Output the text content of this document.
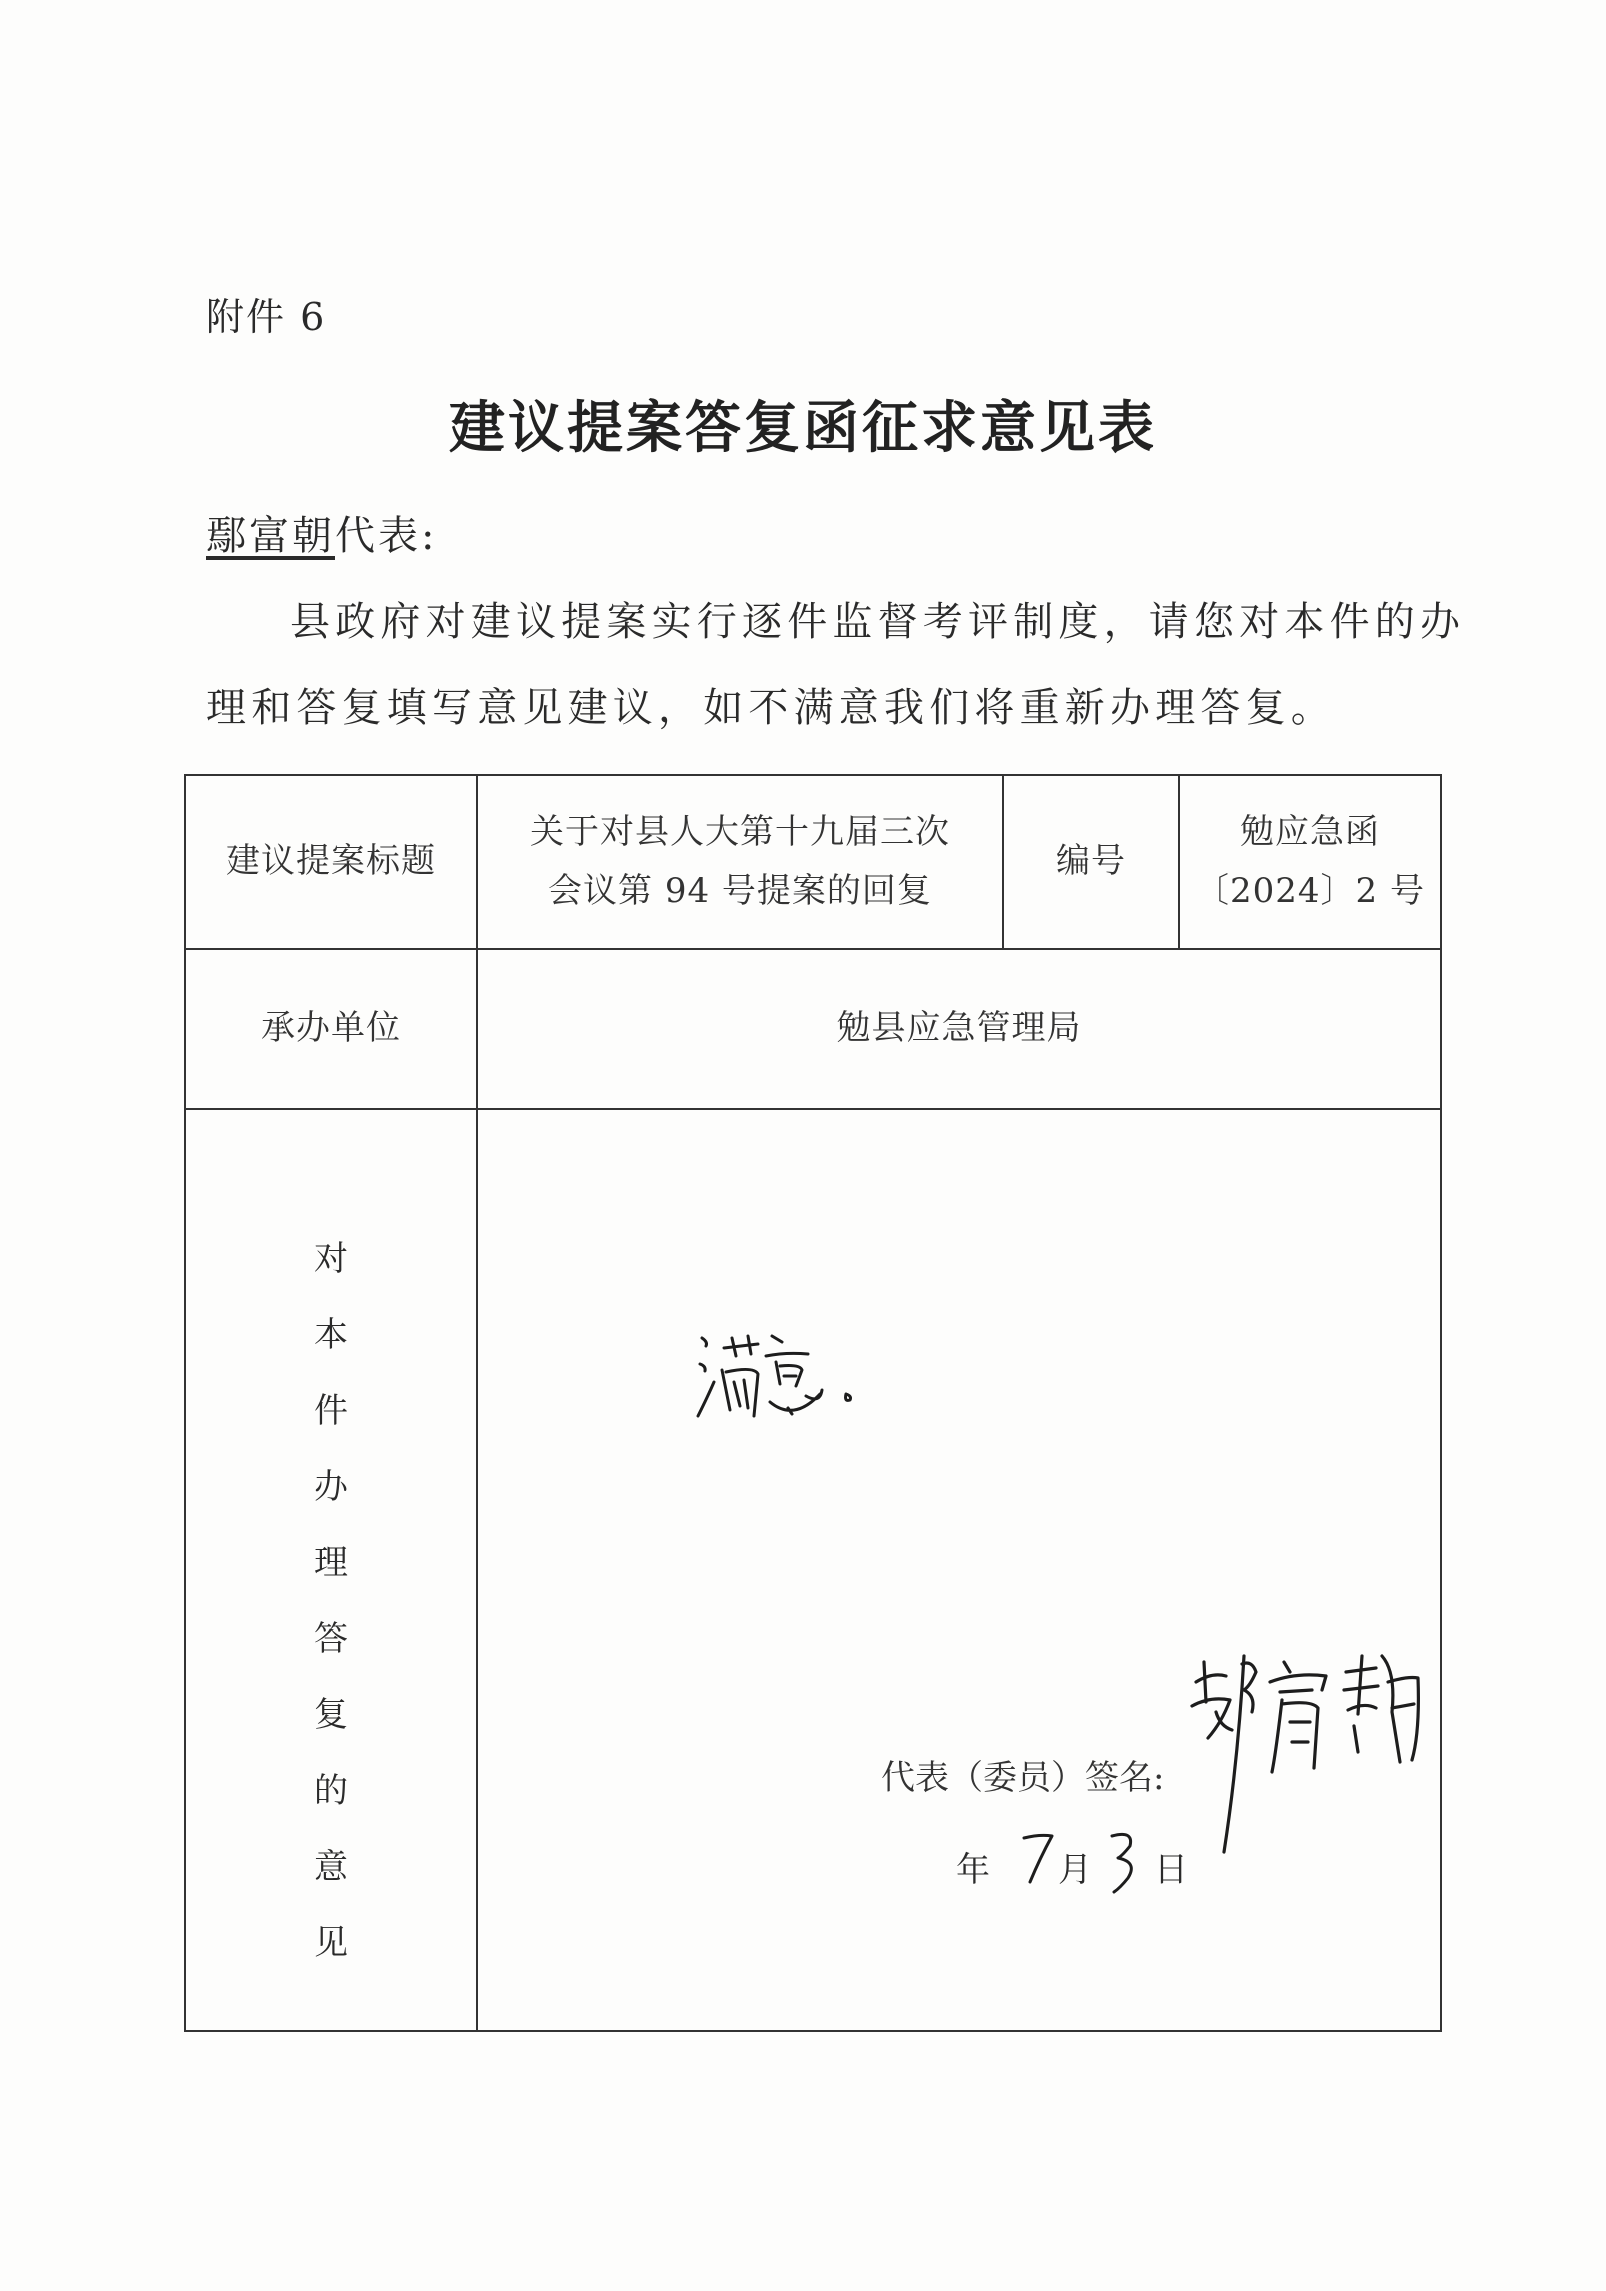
附件 6
建议提案答复函征求意见表
鄢富朝代表:
县政府对建议提案实行逐件监督考评制度，请您对本件的办
理和答复填写意见建议，如不满意我们将重新办理答复。
建议提案标题
关于对县人大第十九届三次
会议第 94 号提案的回复
编号
勉应急函
〔2024〕2 号
承办单位	勉县应急管理局
对
本
件
办
理
答
复
的
意
见
代表（委员）签名:
年 月 日
